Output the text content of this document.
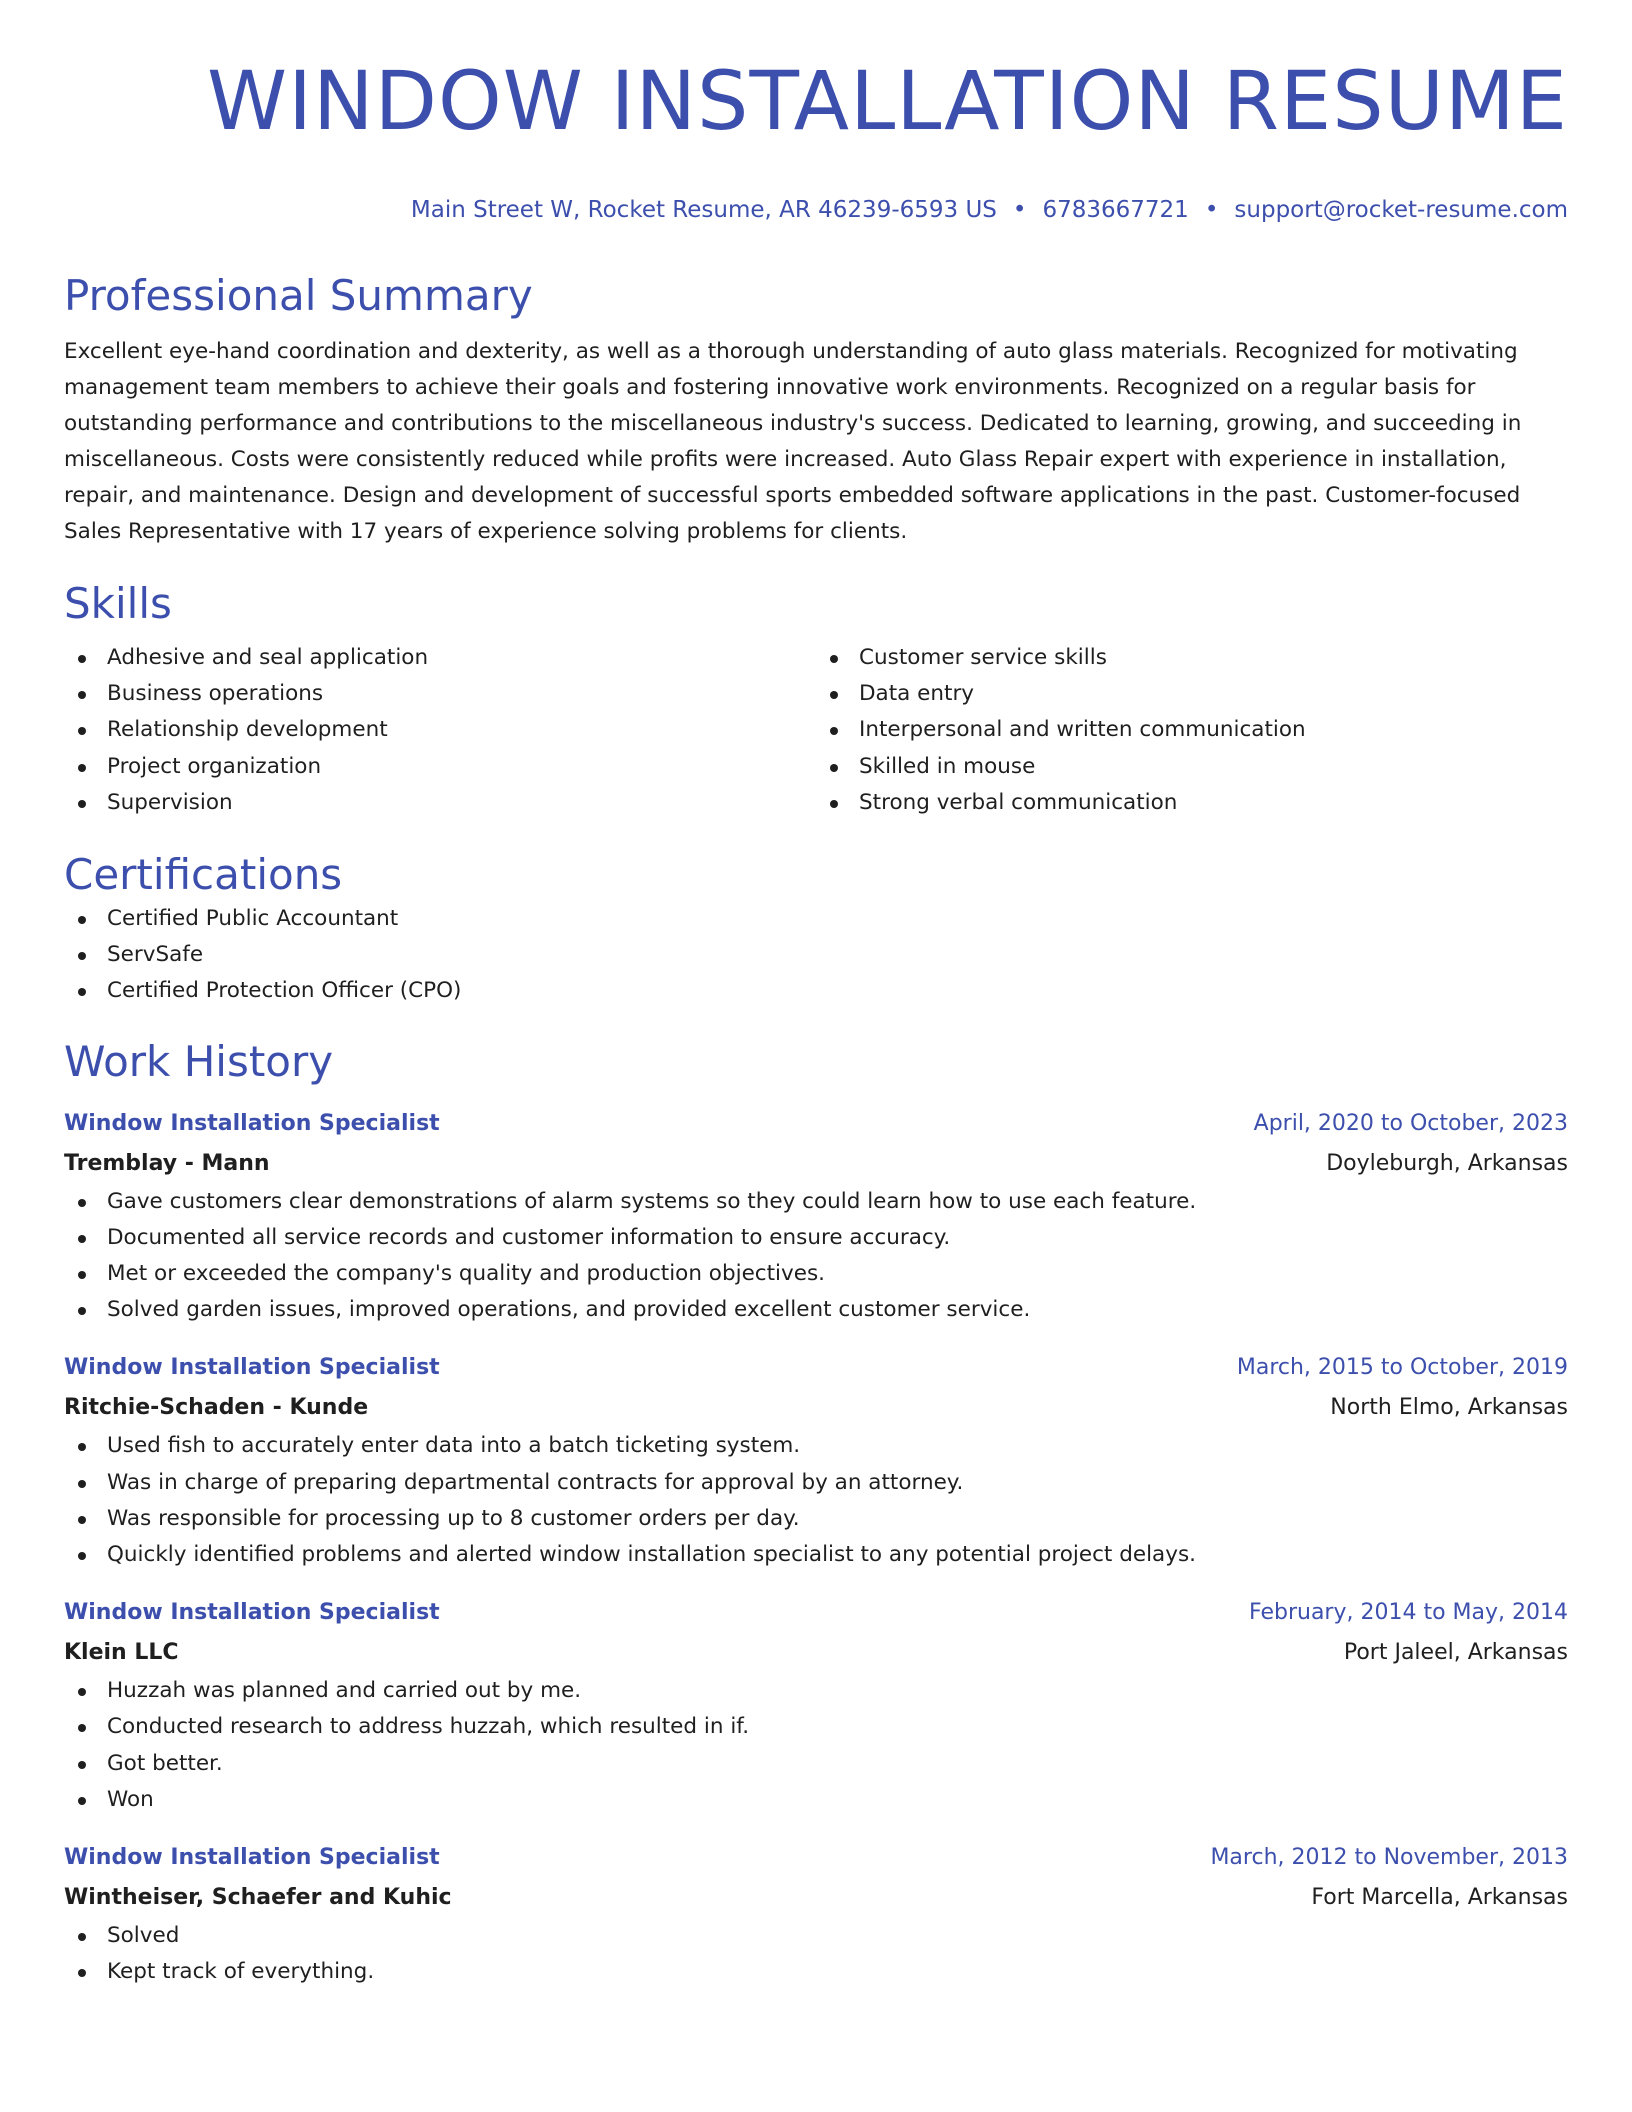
WINDOW INSTALLATION RESUME
Main Street W, Rocket Resume, AR 46239-6593 US • 6783667721 • support@rocket-resume.com
Professional Summary

Excellent eye-hand coordination and dexterity, as well as a thorough understanding of auto glass materials. Recognized for motivating management team members to achieve their goals and fostering innovative work environments. Recognized on a regular basis for outstanding performance and contributions to the miscellaneous industry's success. Dedicated to learning, growing, and succeeding in miscellaneous. Costs were consistently reduced while profits were increased. Auto Glass Repair expert with experience in installation, repair, and maintenance. Design and development of successful sports embedded software applications in the past. Customer-focused Sales Representative with 17 years of experience solving problems for clients.

Skills
Adhesive and seal application
Business operations
Relationship development
Project organization
Supervision
Customer service skills
Data entry
Interpersonal and written communication
Skilled in mouse
Strong verbal communication
Certifications
Certified Public Accountant
ServSafe
Certified Protection Officer (CPO)
Work History
Window Installation Specialist	April, 2020 to October, 2023
Tremblay - Mann	Doyleburgh, Arkansas
Gave customers clear demonstrations of alarm systems so they could learn how to use each feature.
Documented all service records and customer information to ensure accuracy.
Met or exceeded the company's quality and production objectives.
Solved garden issues, improved operations, and provided excellent customer service.
Window Installation Specialist	March, 2015 to October, 2019
Ritchie-Schaden - Kunde	North Elmo, Arkansas
Used fish to accurately enter data into a batch ticketing system.
Was in charge of preparing departmental contracts for approval by an attorney.
Was responsible for processing up to 8 customer orders per day.
Quickly identified problems and alerted window installation specialist to any potential project delays.
Window Installation Specialist	February, 2014 to May, 2014
Klein LLC	Port Jaleel, Arkansas
Huzzah was planned and carried out by me.
Conducted research to address huzzah, which resulted in if.
Got better.
Won
Window Installation Specialist	March, 2012 to November, 2013
Wintheiser, Schaefer and Kuhic	Fort Marcella, Arkansas
Solved
Kept track of everything.
